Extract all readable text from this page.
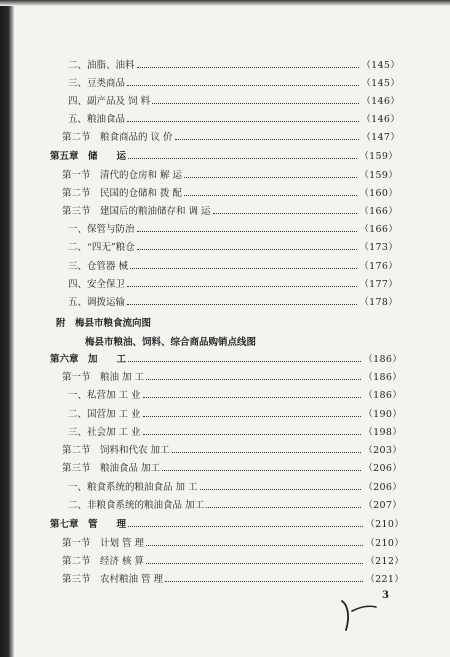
二、油脂、油料	（145）
三、豆类商品	（145）
四、副产品及 饲 料	（146）
五、粮油食品	（146）
第二节　粮食商品的 议 价	（147）
第五章　储　　运	（159）
第一节　清代的仓房和 解 运	（159）
第二节　民国的仓储和 拨 配	（160）
第三节　建国后的粮油储存和 调 运	（166）
一、保管与防治	（166）
二、“四无”粮仓	（173）
三、仓管器 械	（176）
四、安全保卫	（177）
五、调拨运输	（178）
附　梅县市粮食流向图
梅县市粮油、饲料、综合商品购销点线图
第六章　加　　工	（186）
第一节　粮油 加 工	（186）
一、私营加 工 业	（186）
二、国营加 工 业	（190）
三、社会加 工 业	（198）
第二节　饲料和代农 加工	（203）
第三节　粮油食品 加工	（206）
一、粮食系统的粮油食品 加 工	（206）
二、非粮食系统的粮油食品 加工	（207）
第七章　管　　理	（210）
第一节　计划 管 理	（210）
第二节　经济 核 算	（212）
第三节　农村粮油 管 理	（221）
3
